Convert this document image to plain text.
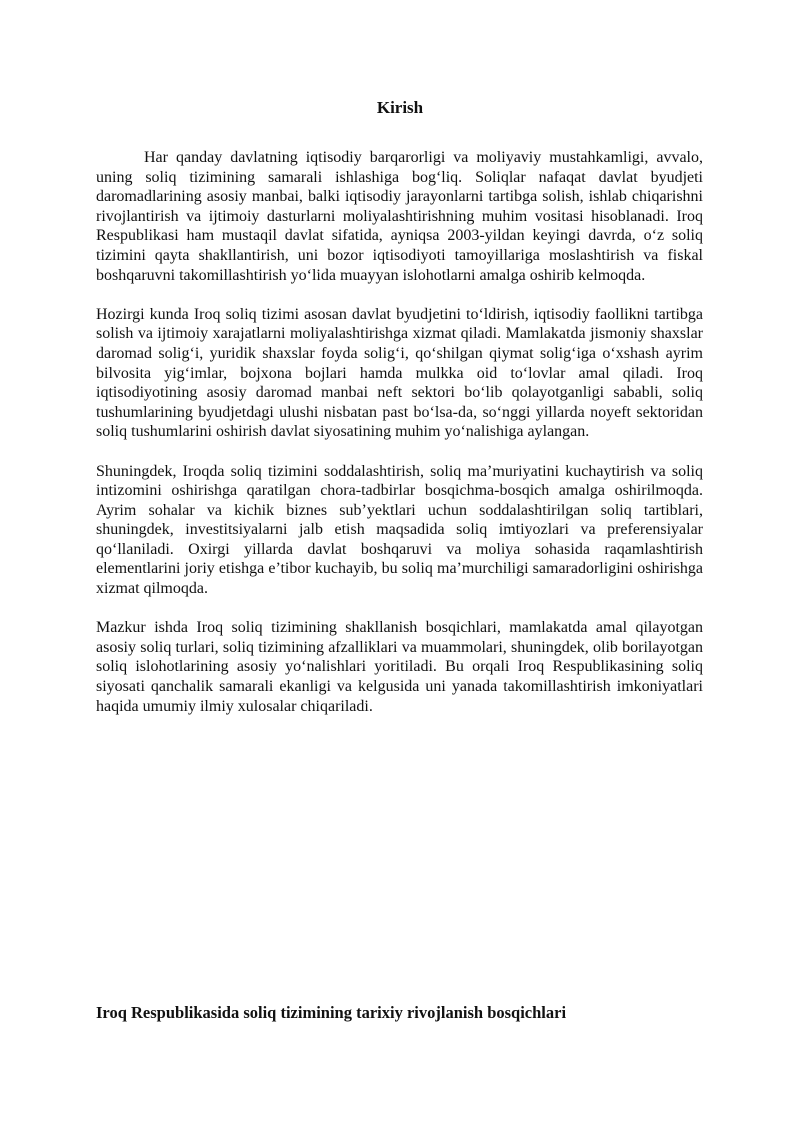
Kirish

Har qanday davlatning iqtisodiy barqarorligi va moliyaviy mustahkamligi, avvalo, uning soliq tizimining samarali ishlashiga bog‘liq. Soliqlar nafaqat davlat byudjeti daromadlarining asosiy manbai, balki iqtisodiy jarayonlarni tartibga solish, ishlab chiqarishni rivojlantirish va ijtimoiy dasturlarni moliyalashtirishning muhim vositasi hisoblanadi. Iroq Respublikasi ham mustaqil davlat sifatida, ayniqsa 2003-yildan keyingi davrda, o‘z soliq tizimini qayta shakllantirish, uni bozor iqtisodiyoti tamoyillariga moslashtirish va fiskal boshqaruvni takomillashtirish yo‘lida muayyan islohotlarni amalga oshirib kelmoqda.

Hozirgi kunda Iroq soliq tizimi asosan davlat byudjetini to‘ldirish, iqtisodiy faollikni tartibga solish va ijtimoiy xarajatlarni moliyalashtirishga xizmat qiladi. Mamlakatda jismoniy shaxslar daromad solig‘i, yuridik shaxslar foyda solig‘i, qo‘shilgan qiymat solig‘iga o‘xshash ayrim bilvosita yig‘imlar, bojxona bojlari hamda mulkka oid to‘lovlar amal qiladi. Iroq iqtisodiyotining asosiy daromad manbai neft sektori bo‘lib qolayotganligi sababli, soliq tushumlarining byudjetdagi ulushi nisbatan past bo‘lsa-da, so‘nggi yillarda noyeft sektoridan soliq tushumlarini oshirish davlat siyosatining muhim yo‘nalishiga aylangan.

Shuningdek, Iroqda soliq tizimini soddalashtirish, soliq ma’muriyatini kuchaytirish va soliq intizomini oshirishga qaratilgan chora-tadbirlar bosqichma-bosqich amalga oshirilmoqda. Ayrim sohalar va kichik biznes sub’yektlari uchun soddalashtirilgan soliq tartiblari, shuningdek, investitsiyalarni jalb etish maqsadida soliq imtiyozlari va preferensiyalar qo‘llaniladi. Oxirgi yillarda davlat boshqaruvi va moliya sohasida raqamlashtirish elementlarini joriy etishga e’tibor kuchayib, bu soliq ma’murchiligi samaradorligini oshirishga xizmat qilmoqda.

Mazkur ishda Iroq soliq tizimining shakllanish bosqichlari, mamlakatda amal qilayotgan asosiy soliq turlari, soliq tizimining afzalliklari va muammolari, shuningdek, olib borilayotgan soliq islohotlarining asosiy yo‘nalishlari yoritiladi. Bu orqali Iroq Respublikasining soliq siyosati qanchalik samarali ekanligi va kelgusida uni yanada takomillashtirish imkoniyatlari haqida umumiy ilmiy xulosalar chiqariladi.

Iroq Respublikasida soliq tizimining tarixiy rivojlanish bosqichlari
